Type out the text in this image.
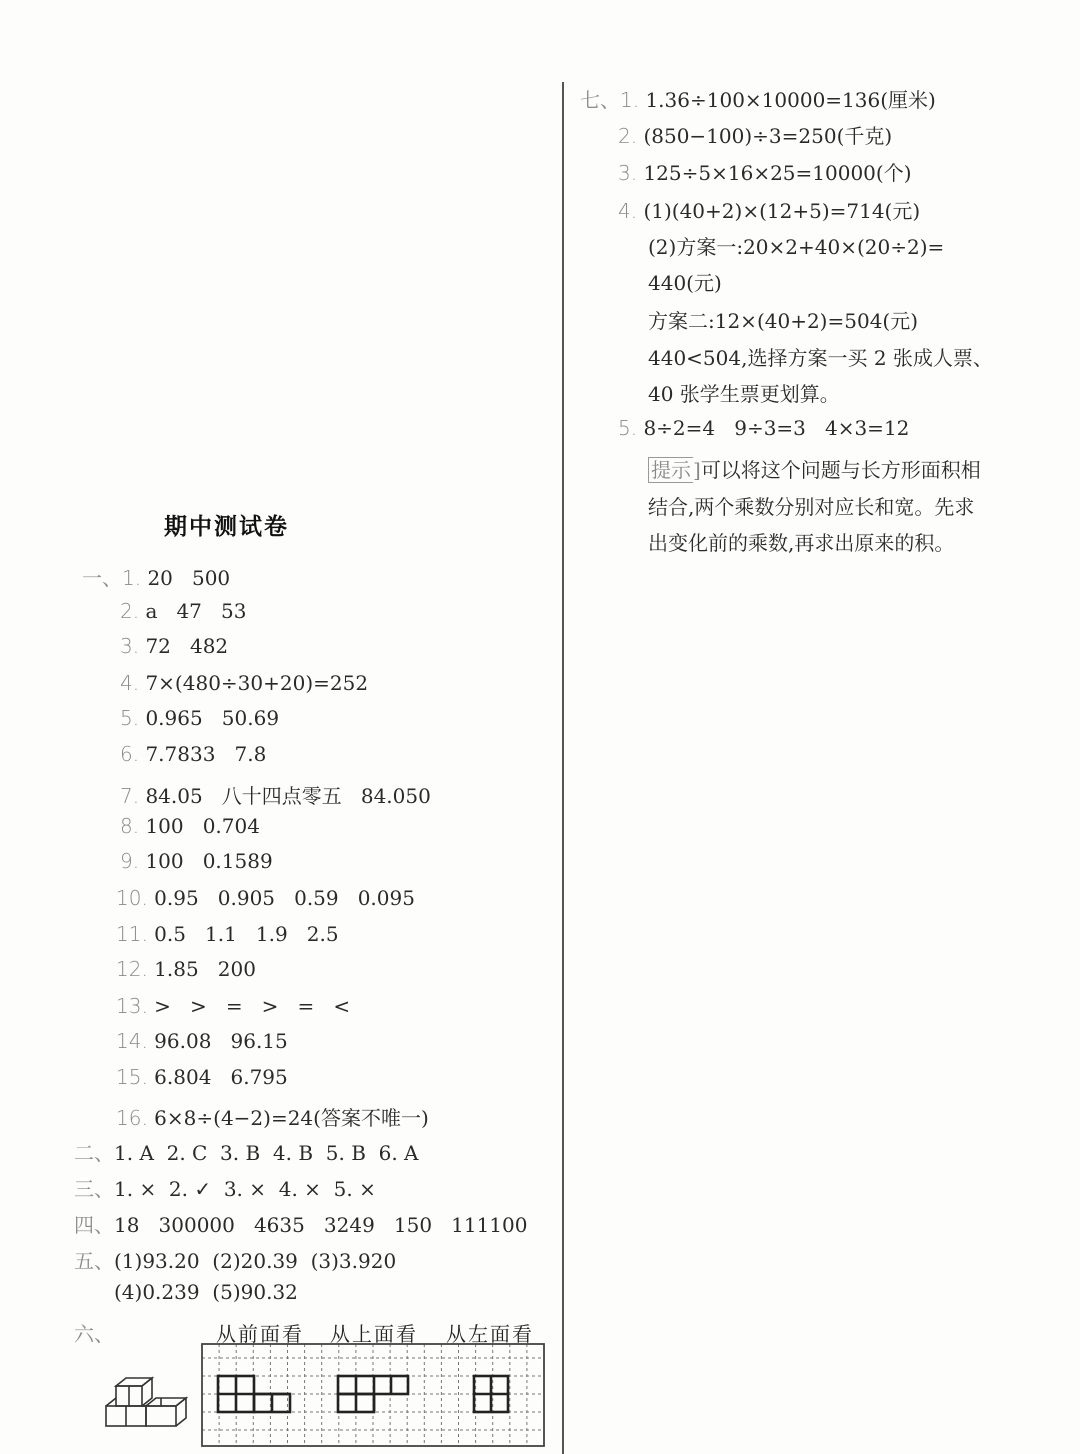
七、1. 1.36÷100×10000=136(厘米)
2. (850−100)÷3=250(千克)
3. 125÷5×16×25=10000(个)
4. (1)(40+2)×(12+5)=714(元)
(2)方案一:20×2+40×(20÷2)=
440(元)
方案二:12×(40+2)=504(元)
440<504,选择方案一买 2 张成人票、
40 张学生票更划算。
5. 8÷2=4   9÷3=3   4×3=12
提示 ]可以将这个问题与长方形面积相
结合,两个乘数分别对应长和宽。先求
出变化前的乘数,再求出原来的积。
期中测试卷
一、1. 20   500
2. a   47   53
3. 72   482
4. 7×(480÷30+20)=252
5. 0.965   50.69
6. 7.7833   7.8
7. 84.05   八十四点零五   84.050
8. 100   0.704
9. 100   0.1589
10. 0.95   0.905   0.59   0.095
11. 0.5   1.1   1.9   2.5
12. 1.85   200
13. >   >   =   >   =   <
14. 96.08   96.15
15. 6.804   6.795
16. 6×8÷(4−2)=24(答案不唯一)
二、1. A  2. C  3. B  4. B  5. B  6. A
三、1. ×  2. ✓  3. ×  4. ×  5. ×
四、18   300000   4635   3249   150   111100
五、(1)93.20  (2)20.39  (3)3.920
(4)0.239  (5)90.32
六、	从前面看 从上面看 从左面看
